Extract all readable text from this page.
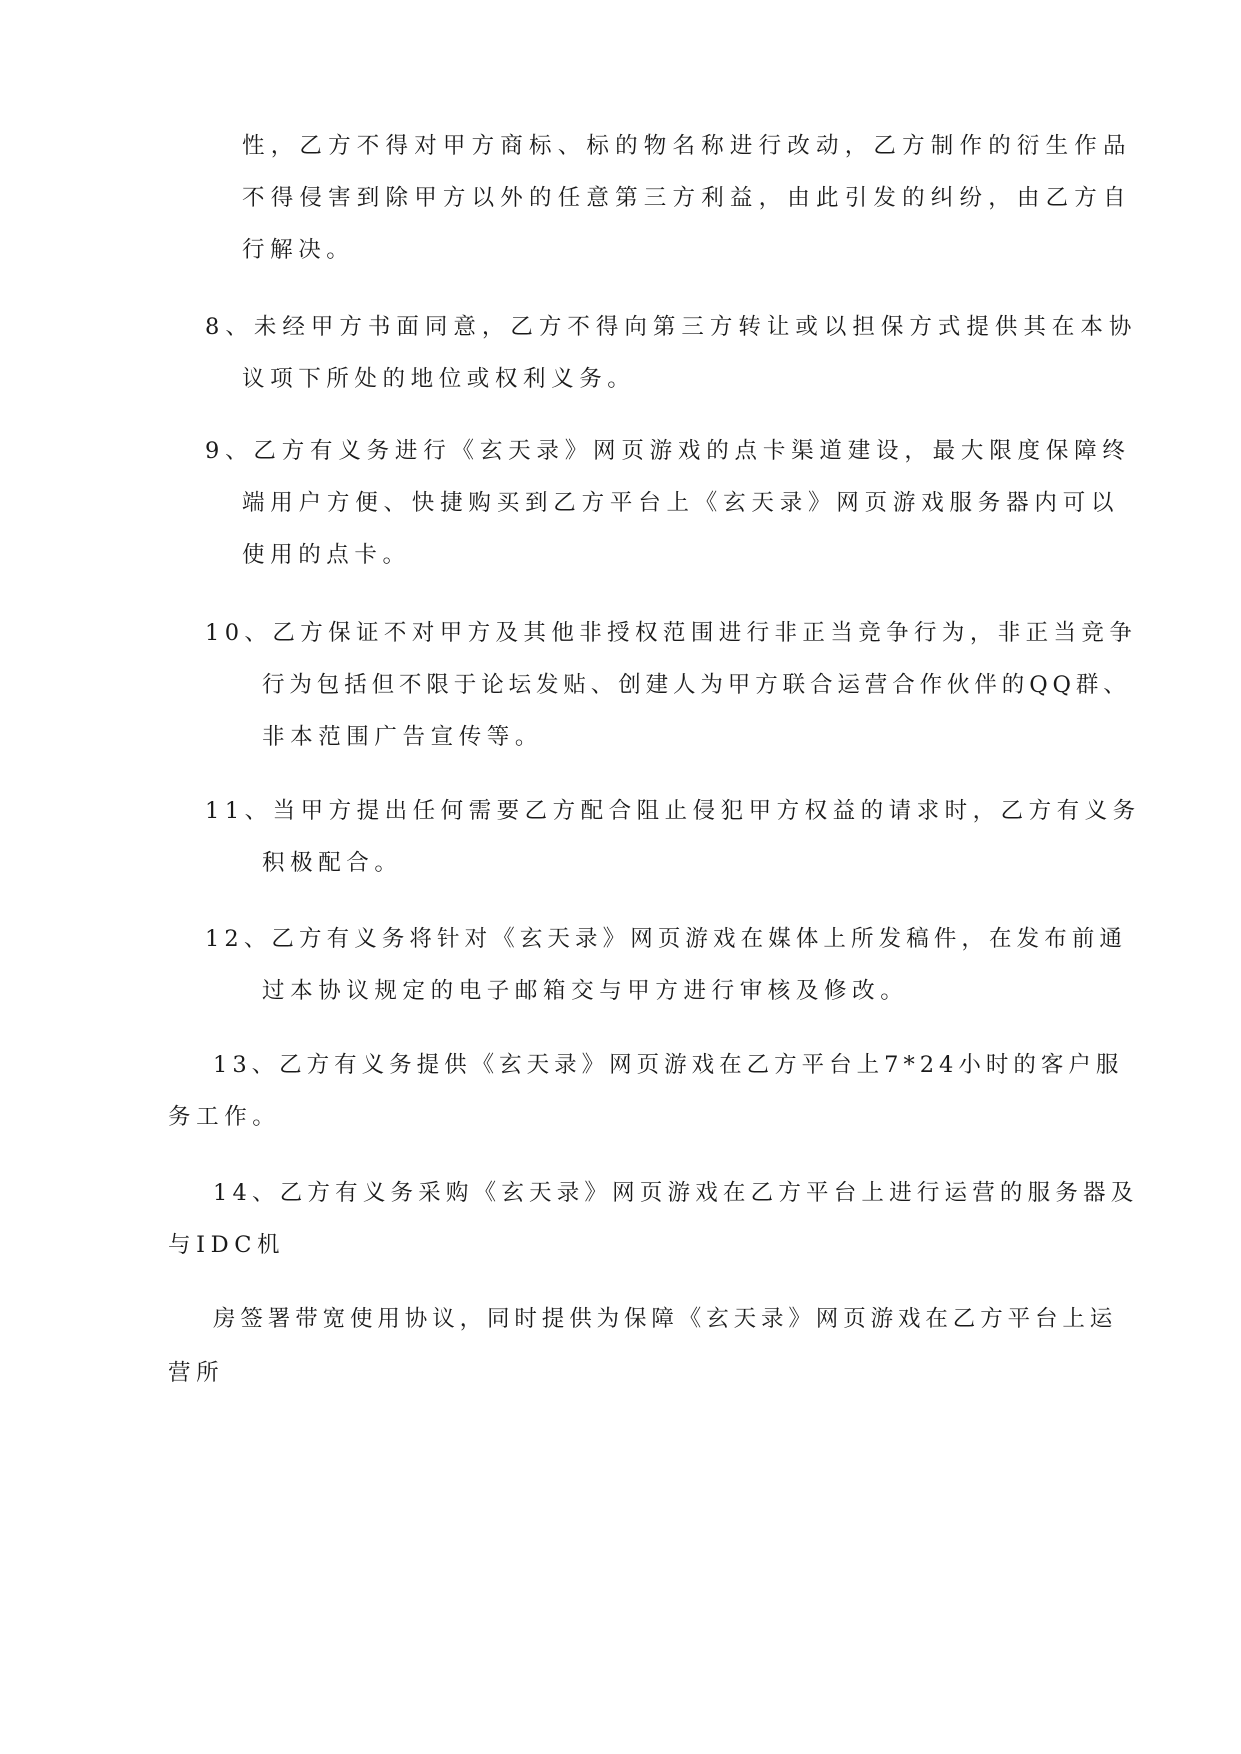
性，乙方不得对甲方商标、标的物名称进行改动，乙方制作的衍生作品
不得侵害到除甲方以外的任意第三方利益，由此引发的纠纷，由乙方自
行解决。
8、未经甲方书面同意，乙方不得向第三方转让或以担保方式提供其在本协
议项下所处的地位或权利义务。
9、乙方有义务进行《玄天录》网页游戏的点卡渠道建设，最大限度保障终
端用户方便、快捷购买到乙方平台上《玄天录》网页游戏服务器内可以
使用的点卡。
10、乙方保证不对甲方及其他非授权范围进行非正当竞争行为，非正当竞争
行为包括但不限于论坛发贴、创建人为甲方联合运营合作伙伴的QQ群、
非本范围广告宣传等。
11、当甲方提出任何需要乙方配合阻止侵犯甲方权益的请求时，乙方有义务
积极配合。
12、乙方有义务将针对《玄天录》网页游戏在媒体上所发稿件，在发布前通
过本协议规定的电子邮箱交与甲方进行审核及修改。
13、乙方有义务提供《玄天录》网页游戏在乙方平台上7*24小时的客户服
务工作。
14、乙方有义务采购《玄天录》网页游戏在乙方平台上进行运营的服务器及
与IDC机
房签署带宽使用协议，同时提供为保障《玄天录》网页游戏在乙方平台上运
营所
